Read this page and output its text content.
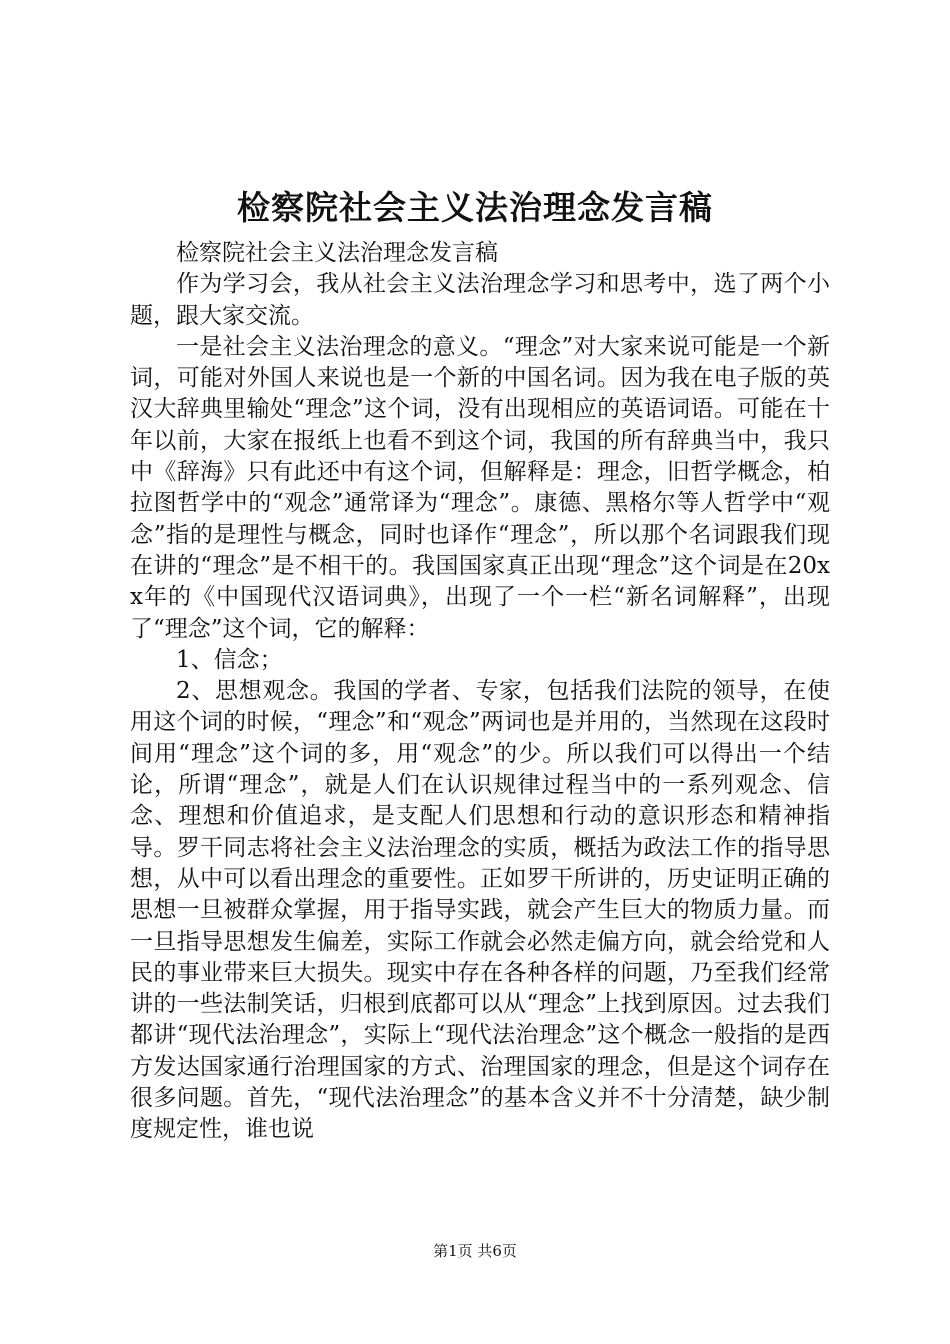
检察院社会主义法治理念发言稿

检察院社会主义法治理念发言稿

作为学习会，我从社会主义法治理念学习和思考中，选了两个小题，跟大家交流。

一是社会主义法治理念的意义。“理念”对大家来说可能是一个新词，可能对外国人来说也是一个新的中国名词。因为我在电子版的英汉大辞典里输处“理念”这个词，没有出现相应的英语词语。可能在十年以前，大家在报纸上也看不到这个词，我国的所有辞典当中，我只中《辞海》只有此还中有这个词，但解释是：理念，旧哲学概念，柏拉图哲学中的“观念”通常译为“理念”。康德、黑格尔等人哲学中“观念”指的是理性与概念，同时也译作“理念”，所以那个名词跟我们现在讲的“理念”是不相干的。我国国家真正出现“理念”这个词是在20xx年的《中国现代汉语词典》，出现了一个一栏“新名词解释”，出现了“理念”这个词，它的解释：

1、信念；

2、思想观念。我国的学者、专家，包括我们法院的领导，在使用这个词的时候，“理念”和“观念”两词也是并用的，当然现在这段时间用“理念”这个词的多，用“观念”的少。所以我们可以得出一个结论，所谓“理念”，就是人们在认识规律过程当中的一系列观念、信念、理想和价值追求，是支配人们思想和行动的意识形态和精神指导。罗干同志将社会主义法治理念的实质，概括为政法工作的指导思想，从中可以看出理念的重要性。正如罗干所讲的，历史证明正确的思想一旦被群众掌握，用于指导实践，就会产生巨大的物质力量。而一旦指导思想发生偏差，实际工作就会必然走偏方向，就会给党和人民的事业带来巨大损失。现实中存在各种各样的问题，乃至我们经常讲的一些法制笑话，归根到底都可以从“理念”上找到原因。过去我们都讲“现代法治理念”，实际上“现代法治理念”这个概念一般指的是西方发达国家通行治理国家的方式、治理国家的理念，但是这个词存在很多问题。首先，“现代法治理念”的基本含义并不十分清楚，缺少制度规定性，谁也说

第1页 共6页
